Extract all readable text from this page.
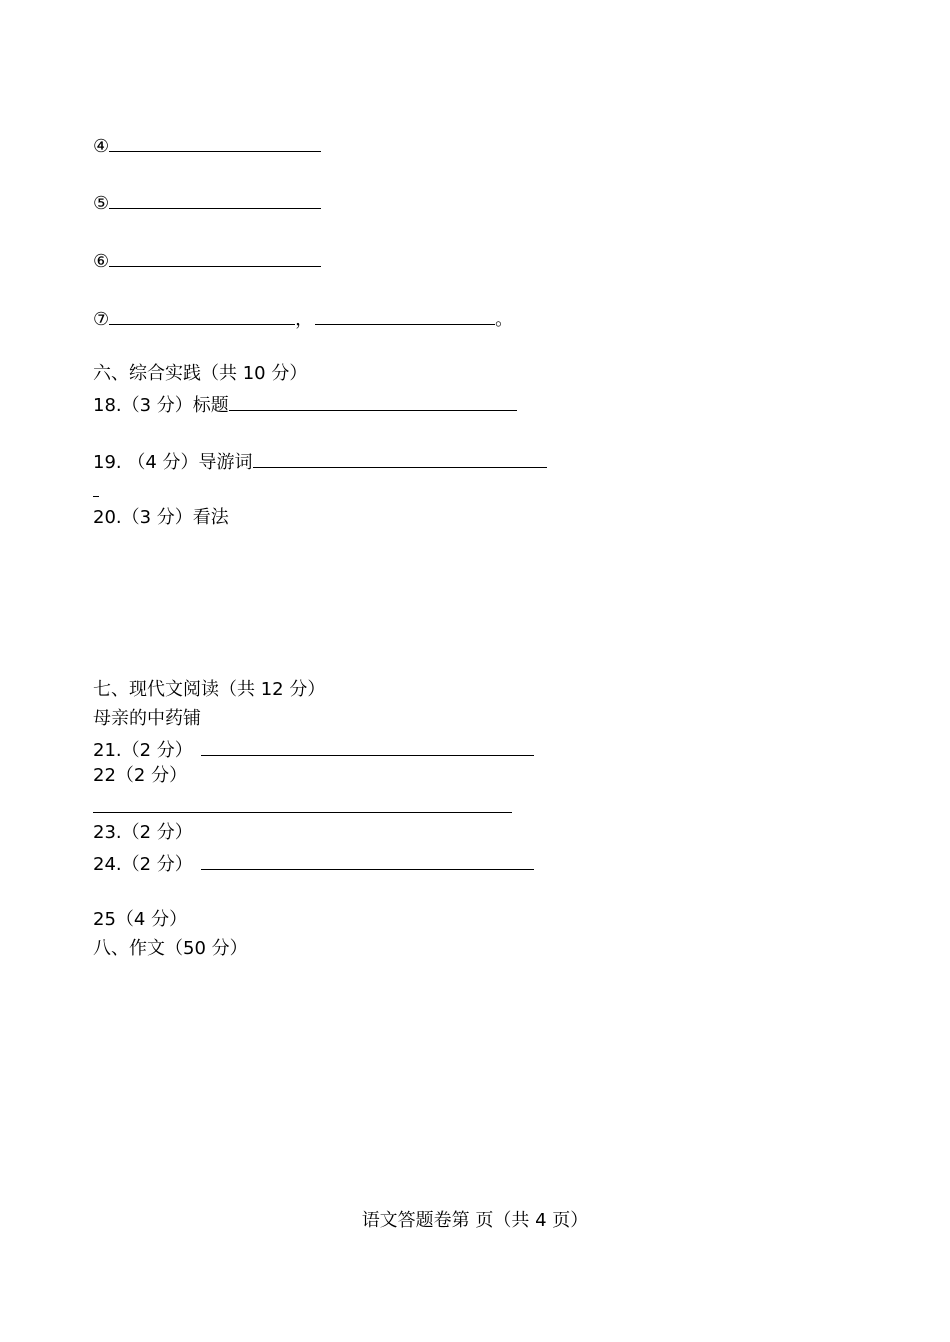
④
⑤
⑥
⑦	，	。
六、综合实践（共 10 分）
18.（3 分）标题
19. （4 分）导游词
20.（3 分）看法
七、现代文阅读（共 12 分）
母亲的中药铺
21.（2 分）
22（2 分）
23.（2 分）
24.（2 分）
25（4 分）
八、作文（50 分）
语文答题卷第 页（共 4 页）
